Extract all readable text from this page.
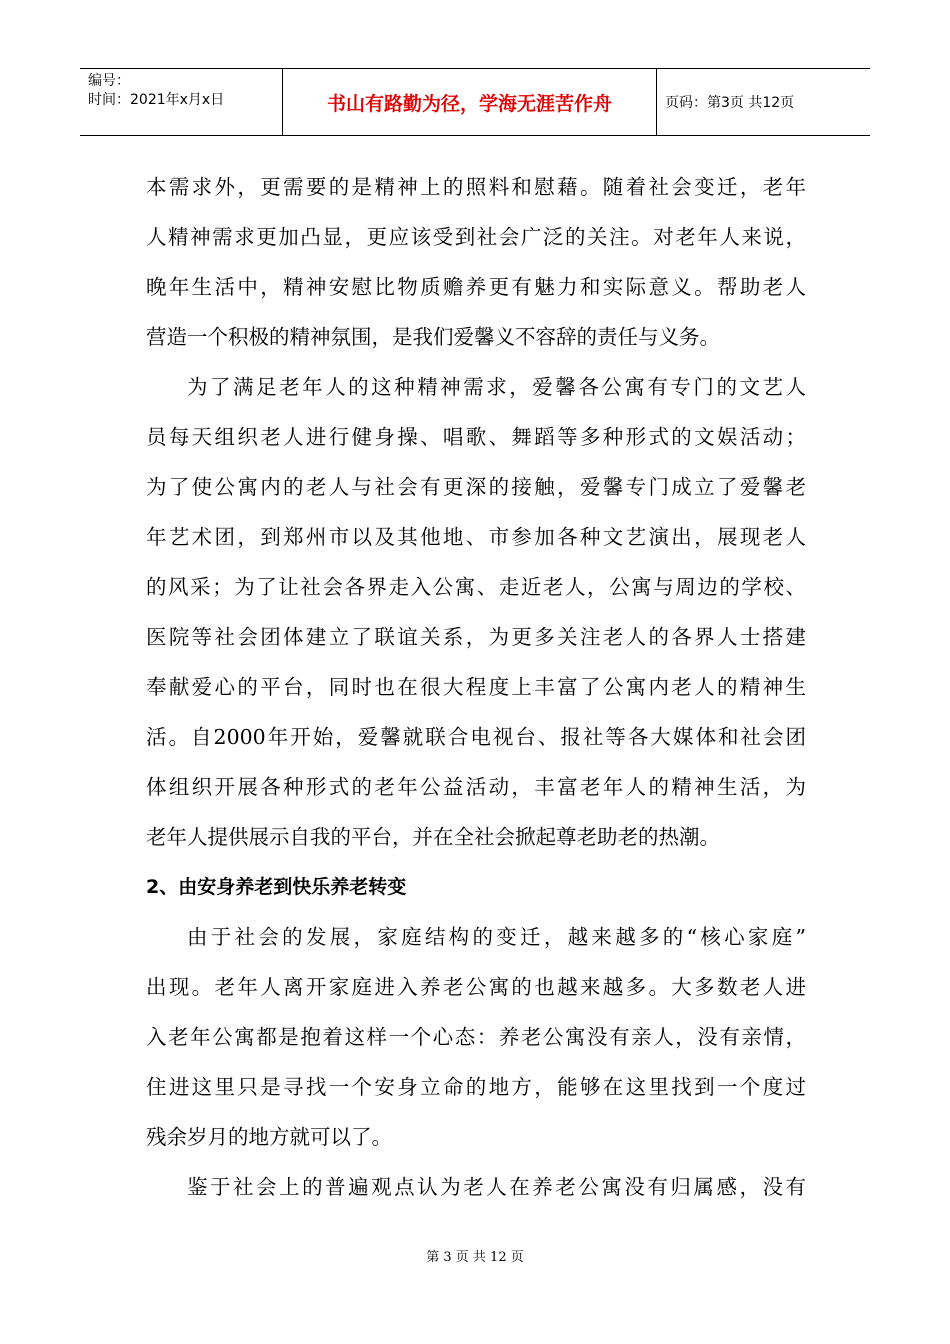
编号：
时间：2021年x月x日	书山有路勤为径，学海无涯苦作舟	页码：第3页 共12页
本需求外，更需要的是精神上的照料和慰藉。随着社会变迁，老年
人精神需求更加凸显，更应该受到社会广泛的关注。对老年人来说，
晚年生活中，精神安慰比物质赡养更有魅力和实际意义。帮助老人
营造一个积极的精神氛围，是我们爱馨义不容辞的责任与义务。
为了满足老年人的这种精神需求，爱馨各公寓有专门的文艺人
员每天组织老人进行健身操、唱歌、舞蹈等多种形式的文娱活动；
为了使公寓内的老人与社会有更深的接触，爱馨专门成立了爱馨老
年艺术团，到郑州市以及其他地、市参加各种文艺演出，展现老人
的风采；为了让社会各界走入公寓、走近老人，公寓与周边的学校、
医院等社会团体建立了联谊关系，为更多关注老人的各界人士搭建
奉献爱心的平台，同时也在很大程度上丰富了公寓内老人的精神生
活。自2000年开始，爱馨就联合电视台、报社等各大媒体和社会团
体组织开展各种形式的老年公益活动，丰富老年人的精神生活，为
老年人提供展示自我的平台，并在全社会掀起尊老助老的热潮。
2、由安身养老到快乐养老转变
由于社会的发展，家庭结构的变迁，越来越多的“核心家庭”
出现。老年人离开家庭进入养老公寓的也越来越多。大多数老人进
入老年公寓都是抱着这样一个心态：养老公寓没有亲人，没有亲情，
住进这里只是寻找一个安身立命的地方，能够在这里找到一个度过
残余岁月的地方就可以了。
鉴于社会上的普遍观点认为老人在养老公寓没有归属感，没有
第 3 页 共 12 页
